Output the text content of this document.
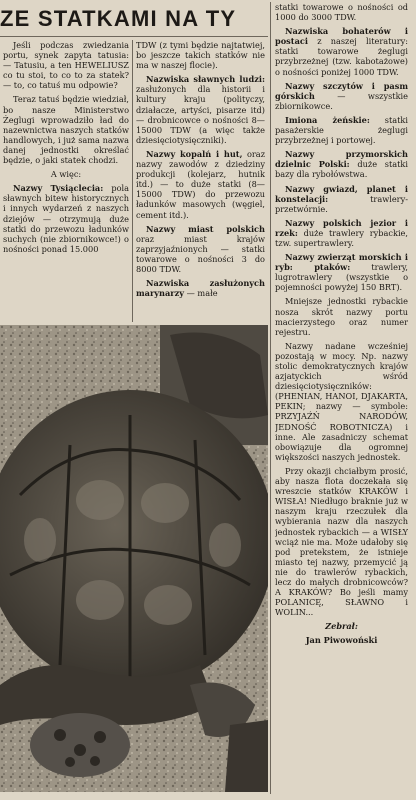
ZE STATKAMI NA TY

Jeśli podczas zwiedzania portu, synek zapyta tatusia: — Tatusiu, a ten HEWELIUSZ co tu stoi, to co to za statek? — to, co tatuś mu odpowie?

Teraz tatuś będzie wiedział, bo nasze Ministerstwo Żeglugi wprowadziło ład do nazewnictwa naszych statków handlowych, i już sama nazwa danej jednostki określać będzie, o jaki statek chodzi.

A więc:

Nazwy Tysiąclecia: pola sławnych bitew historycznych i innych wydarzeń z naszych dziejów — otrzymują duże statki do przewozu ładunków suchych (nie zbiornikowce!) o nośności ponad 15.000

TDW (z tymi będzie najtatwiej, bo jeszcze takich statków nie ma w naszej flocie).

Nazwiska sławnych ludzi: zasłużonych dla historii i kultury kraju (polityczy, działacze, artyści, pisarze itd) — drobnicowce o nośności 8—15000 TDW (a więc także dziesięciotysięczniki).

Nazwy kopalń i hut, oraz nazwy zawodów z dziedziny produkcji (kolejarz, hutnik itd.) — to duże statki (8—15000 TDW) do przewozu ładunków masowych (węgiel, cement itd.).

Nazwy miast polskich oraz miast krajów zaprzyjaźnionych — statki towarowe o nośności 3 do 8000 TDW.

Nazwiska zasłużonych marynarzy — małe

statki towarowe o nośności od 1000 do 3000 TDW.

Nazwiska bohaterów i postaci z naszej literatury: statki towarowe żeglugi przybrzeżnej (tzw. kabotażowe) o nośności poniżej 1000 TDW.

Nazwy szczytów i pasm górskich	— wszystkie zbiornikowce.

Imiona żeńskie: statki pasażerskie żeglugi przybrzeżnej i portowej.

Nazwy przymorskich dzielnic Polski: duże statki bazy dla rybołówstwa.

Nazwy gwiazd, planet i konstelacji:	trawlery-przetwórnie.

Nazwy polskich jezior i rzek: duże trawlery rybackie, tzw. supertrawlery.

Nazwy zwierząt morskich i ryb: ptaków:	trawlery, lugrotrawlery (wszystkie o pojemności powyżej 150 BRT).

Mniejsze jednostki rybackie nosza skrót nazwy portu macierzystego oraz numer rejestru.

Nazwy nadane wcześniej pozostają w mocy. Np. nazwy stolic demokratycznych krajów azjatyckich wśród dziesięciotysięczników: (PHENIAN, HANOI, DJAKARTA, PEKIN; nazwy — symbole: PRZYJAŹŃ NARODÓW, JEDNOŚĆ ROBOTNICZA) i inne. Ale zasadniczy schemat obowiązuje dla ogromnej większości naszych jednostek.

Przy okazji chciałbym prosić, aby nasza flota doczekała się wreszcie statków KRAKÓW i WISŁA! Niedługo braknie już w naszym kraju rzeczułek dla wybierania nazw dla naszych jednostek rybackich — a WISŁY wciąż nie ma. Może udałoby się pod pretekstem, że istnieje miasto tej nazwy, przemycić ją nie do trawlerów rybackich, lecz do małych drobnicowców? A KRAKÓW? Bo jeśli mamy POLANICĘ, SŁAWNO i WOLIN...

Zebrał:

Jan Piwowoński
